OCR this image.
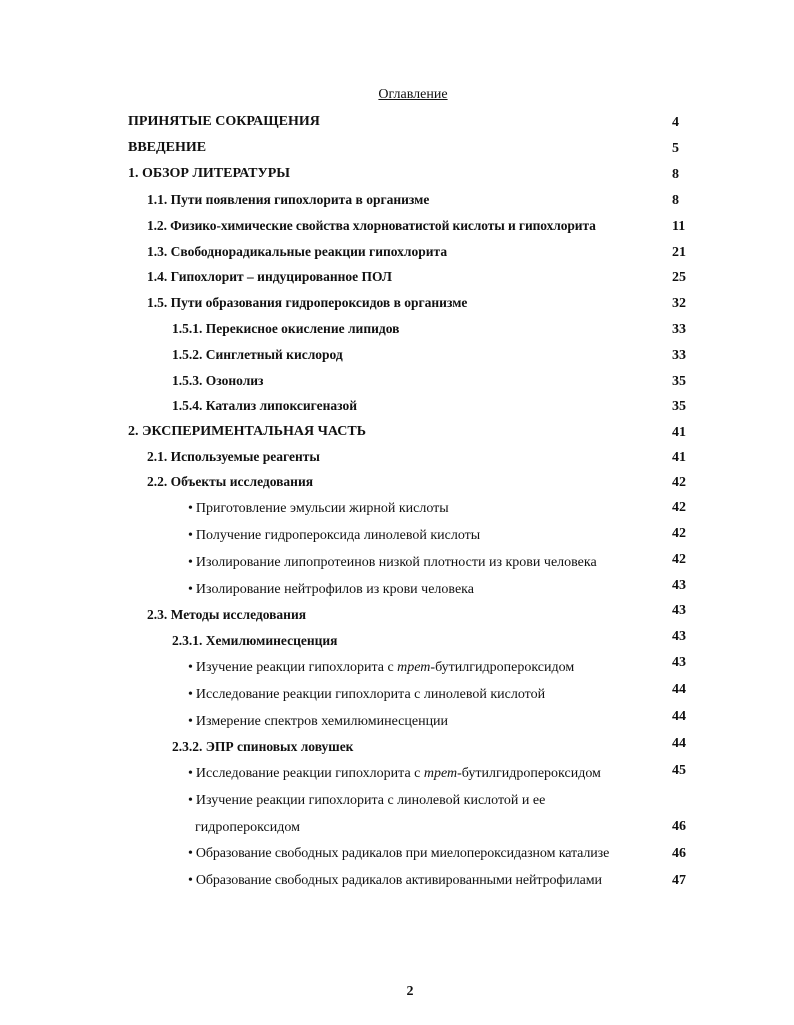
Оглавление
ПРИНЯТЫЕ СОКРАЩЕНИЯ	4
ВВЕДЕНИЕ	5
1. ОБЗОР ЛИТЕРАТУРЫ	8
1.1. Пути появления гипохлорита в организме	8
1.2. Физико-химические свойства хлорноватистой кислоты и гипохлорита	11
1.3. Свободнорадикальные реакции гипохлорита	21
1.4. Гипохлорит – индуцированное ПОЛ	25
1.5. Пути образования гидропероксидов в организме	32
1.5.1. Перекисное окисление липидов	33
1.5.2. Синглетный кислород	33
1.5.3. Озонолиз	35
1.5.4. Катализ липоксигеназой	35
2. ЭКСПЕРИМЕНТАЛЬНАЯ ЧАСТЬ	41
2.1. Используемые реагенты	41
2.2. Объекты исследования	42
• Приготовление эмульсии жирной кислоты	42
• Получение гидропероксида линолевой кислоты	42
• Изолирование липопротеинов низкой плотности из крови человека	42
• Изолирование нейтрофилов из крови человека	43
2.3. Методы исследования	43
2.3.1. Хемилюминесценция	43
• Изучение реакции гипохлорита с трет-бутилгидропероксидом	43
• Исследование реакции гипохлорита с линолевой кислотой	44
• Измерение спектров хемилюминесценции	44
2.3.2. ЭПР спиновых ловушек	44
• Исследование реакции гипохлорита с трет-бутилгидропероксидом	45
• Изучение реакции гипохлорита с линолевой кислотой и ее
гидропероксидом	46
• Образование свободных радикалов при миелопероксидазном катализе	46
• Образование свободных радикалов активированными нейтрофилами	47
2
